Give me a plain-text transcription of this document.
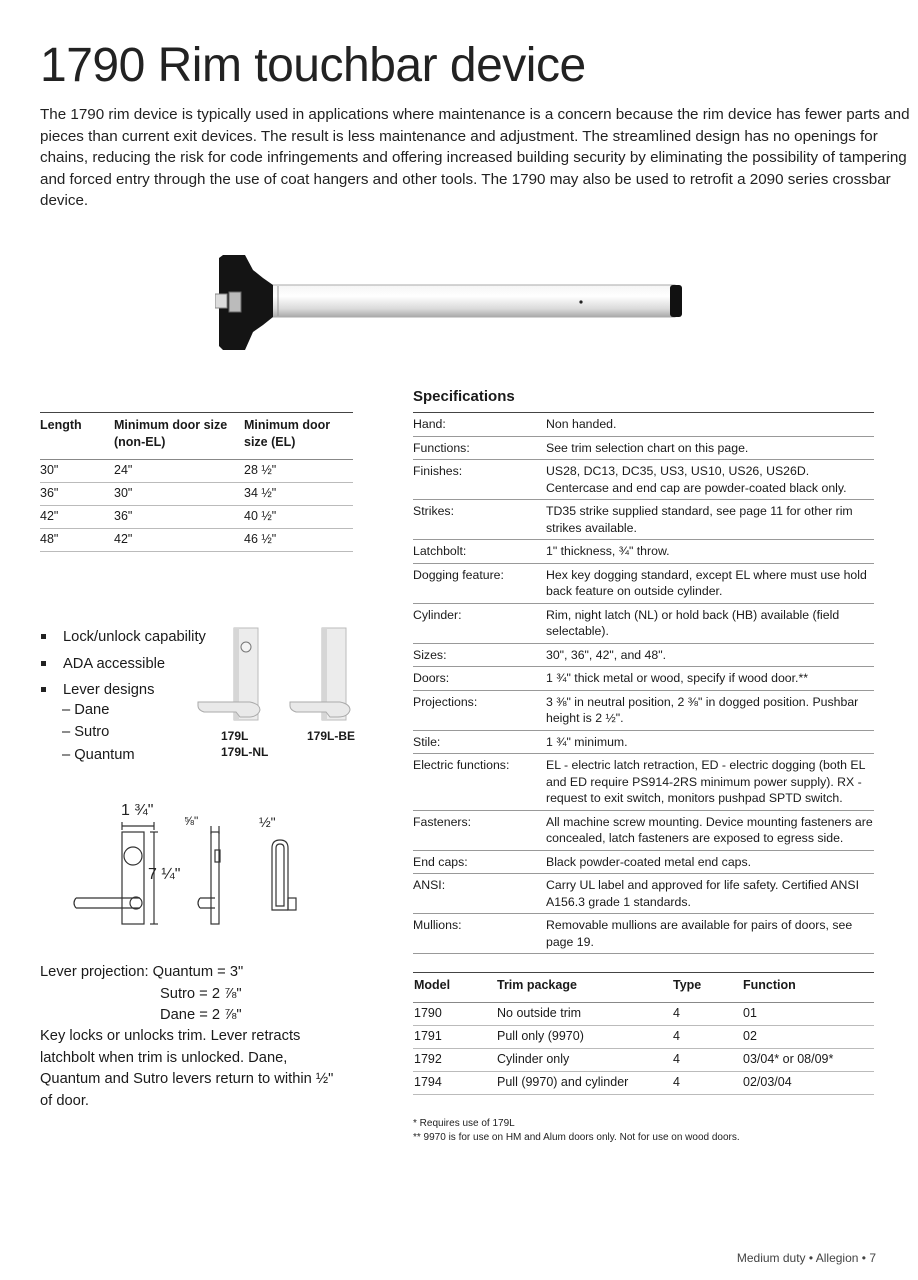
1790 Rim touchbar device

The 1790 rim device is typically used in applications where maintenance is a concern because the rim device has fewer parts and pieces than current exit devices. The result is less maintenance and adjustment. The streamlined design has no openings for chains, reducing the risk for code infringements and offering increased building security by eliminating the possibility of tampering and forced entry through the use of coat hangers and other tools. The 1790 may also be used to retrofit a 2090 series crossbar device.

Length	Minimum door size (non-EL)	Minimum door size (EL)
30"	24"	28 ½"
36"	30"	34 ½"
42"	36"	40 ½"
48"	42"	46 ½"
Lock/unlock capability
ADA accessible
Lever designs
– Dane
– Sutro
– Quantum
179L
179L-NL
179L-BE
1 ¾"
⅝"	½"
7 ¼"
Lever projection: Quantum = 3"
Sutro = 2 ⅞"
Dane = 2 ⅞"
Key locks or unlocks trim. Lever retracts latchbolt when trim is unlocked. Dane, Quantum and Sutro levers return to within ½" of door.
Specifications
Hand:	Non handed.
Functions:	See trim selection chart on this page.
Finishes:	US28, DC13, DC35, US3, US10, US26, US26D. Centercase and end cap are powder-coated black only.
Strikes:	TD35 strike supplied standard, see page 11 for other rim strikes available.
Latchbolt:	1" thickness, ¾" throw.
Dogging feature:	Hex key dogging standard, except EL where must use hold back feature on outside cylinder.
Cylinder:	Rim, night latch (NL) or hold back (HB) available (field selectable).
Sizes:	30", 36", 42", and 48".
Doors:	1 ¾" thick metal or wood, specify if wood door.**
Projections:	3 ⅜" in neutral position, 2 ⅜" in dogged position. Pushbar height is 2 ½".
Stile:	1 ¾" minimum.
Electric functions:	EL - electric latch retraction, ED - electric dogging (both EL and ED require PS914-2RS minimum power supply). RX - request to exit switch, monitors pushpad SPTD switch.
Fasteners:	All machine screw mounting. Device mounting fasteners are concealed, latch fasteners are exposed to egress side.
End caps:	Black powder-coated metal end caps.
ANSI:	Carry UL label and approved for life safety. Certified ANSI A156.3 grade 1 standards.
Mullions:	Removable mullions are available for pairs of doors, see page 19.
Model	Trim package	Type	Function
1790	No outside trim	4	01
1791	Pull only (9970)	4	02
1792	Cylinder only	4	03/04* or 08/09*
1794	Pull (9970) and cylinder	4	02/03/04
* Requires use of 179L
** 9970 is for use on HM and Alum doors only. Not for use on wood doors.
Medium duty • Allegion • 7
